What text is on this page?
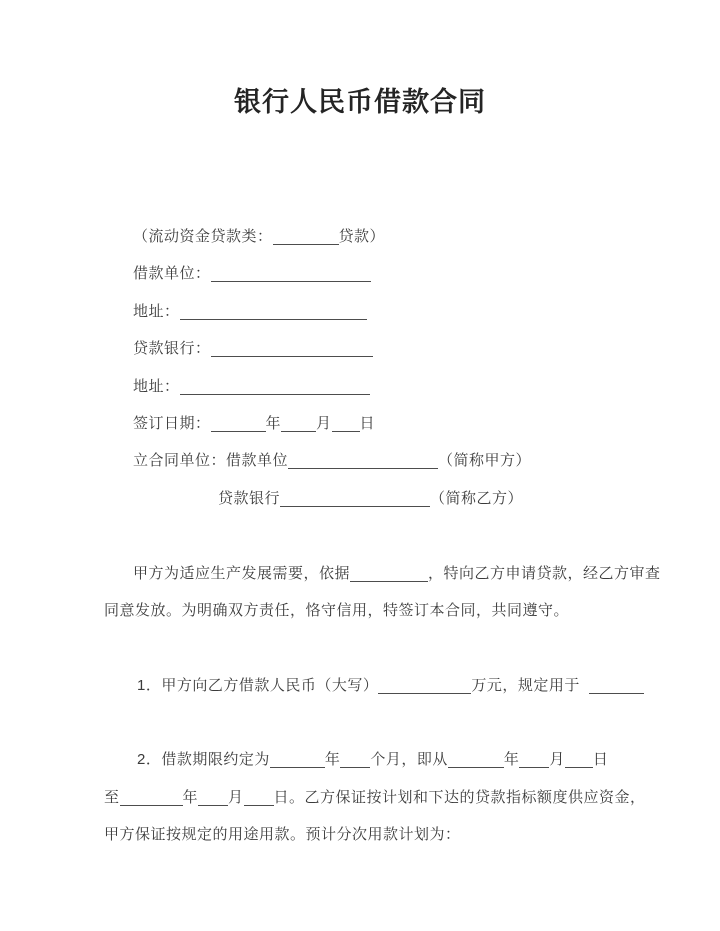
银行人民币借款合同
（流动资金贷款类：	贷款）
借款单位：
地址：
贷款银行：
地址：
签订日期：	年 月 日
立合同单位：借款单位	（简称甲方）
贷款银行	（简称乙方）
甲方为适应生产发展需要，依据	，特向乙方申请贷款，经乙方审查
同意发放。为明确双方责任，恪守信用，特签订本合同，共同遵守。
1．甲方向乙方借款人民币（大写）	万元，规定用于
2．借款期限约定为	年 个月，即从	年 月 日
至	年 月 日。乙方保证按计划和下达的贷款指标额度供应资金，
甲方保证按规定的用途用款。预计分次用款计划为：
